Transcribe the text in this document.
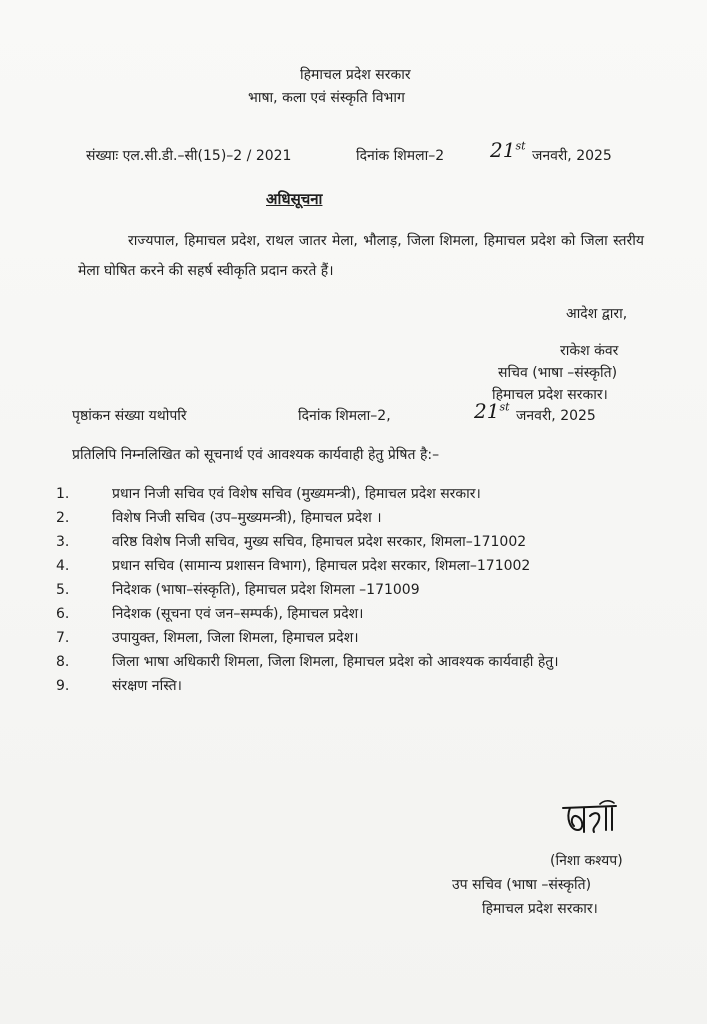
हिमाचल प्रदेश सरकार
भाषा, कला एवं संस्कृति विभाग
संख्याः एल.सी.डी.–सी(15)–2 / 2021	दिनांक शिमला–2 21st
जनवरी, 2025
अधिसूचना
राज्यपाल, हिमाचल प्रदेश, राथल जातर मेला, भौलाड़, जिला शिमला, हिमाचल प्रदेश को जिला स्तरीय मेला घोषित करने की सहर्ष स्वीकृति प्रदान करते हैं।
आदेश द्वारा,
राकेश कंवर
सचिव (भाषा –संस्कृति)
हिमाचल प्रदेश सरकार।
पृष्ठांकन संख्या यथोपरि	दिनांक शिमला–2,	21st
जनवरी, 2025
प्रतिलिपि निम्नलिखित को सूचनार्थ एवं आवश्यक कार्यवाही हेतु प्रेषित है:–
1.	प्रधान निजी सचिव एवं विशेष सचिव (मुख्यमन्त्री), हिमाचल प्रदेश सरकार।
2.	विशेष निजी सचिव (उप–मुख्यमन्त्री), हिमाचल प्रदेश ।
3.	वरिष्ठ विशेष निजी सचिव, मुख्य सचिव, हिमाचल प्रदेश सरकार, शिमला–171002
4.	प्रधान सचिव (सामान्य प्रशासन विभाग), हिमाचल प्रदेश सरकार, शिमला–171002
5.	निदेशक (भाषा–संस्कृति), हिमाचल प्रदेश शिमला –171009
6.	निदेशक (सूचना एवं जन–सम्पर्क), हिमाचल प्रदेश।
7.	उपायुक्त, शिमला, जिला शिमला, हिमाचल प्रदेश।
8.	जिला भाषा अधिकारी शिमला, जिला शिमला, हिमाचल प्रदेश को आवश्यक कार्यवाही हेतु।
9.	संरक्षण नस्ति।
(निशा कश्यप)
उप सचिव (भाषा –संस्कृति)
हिमाचल प्रदेश सरकार।
